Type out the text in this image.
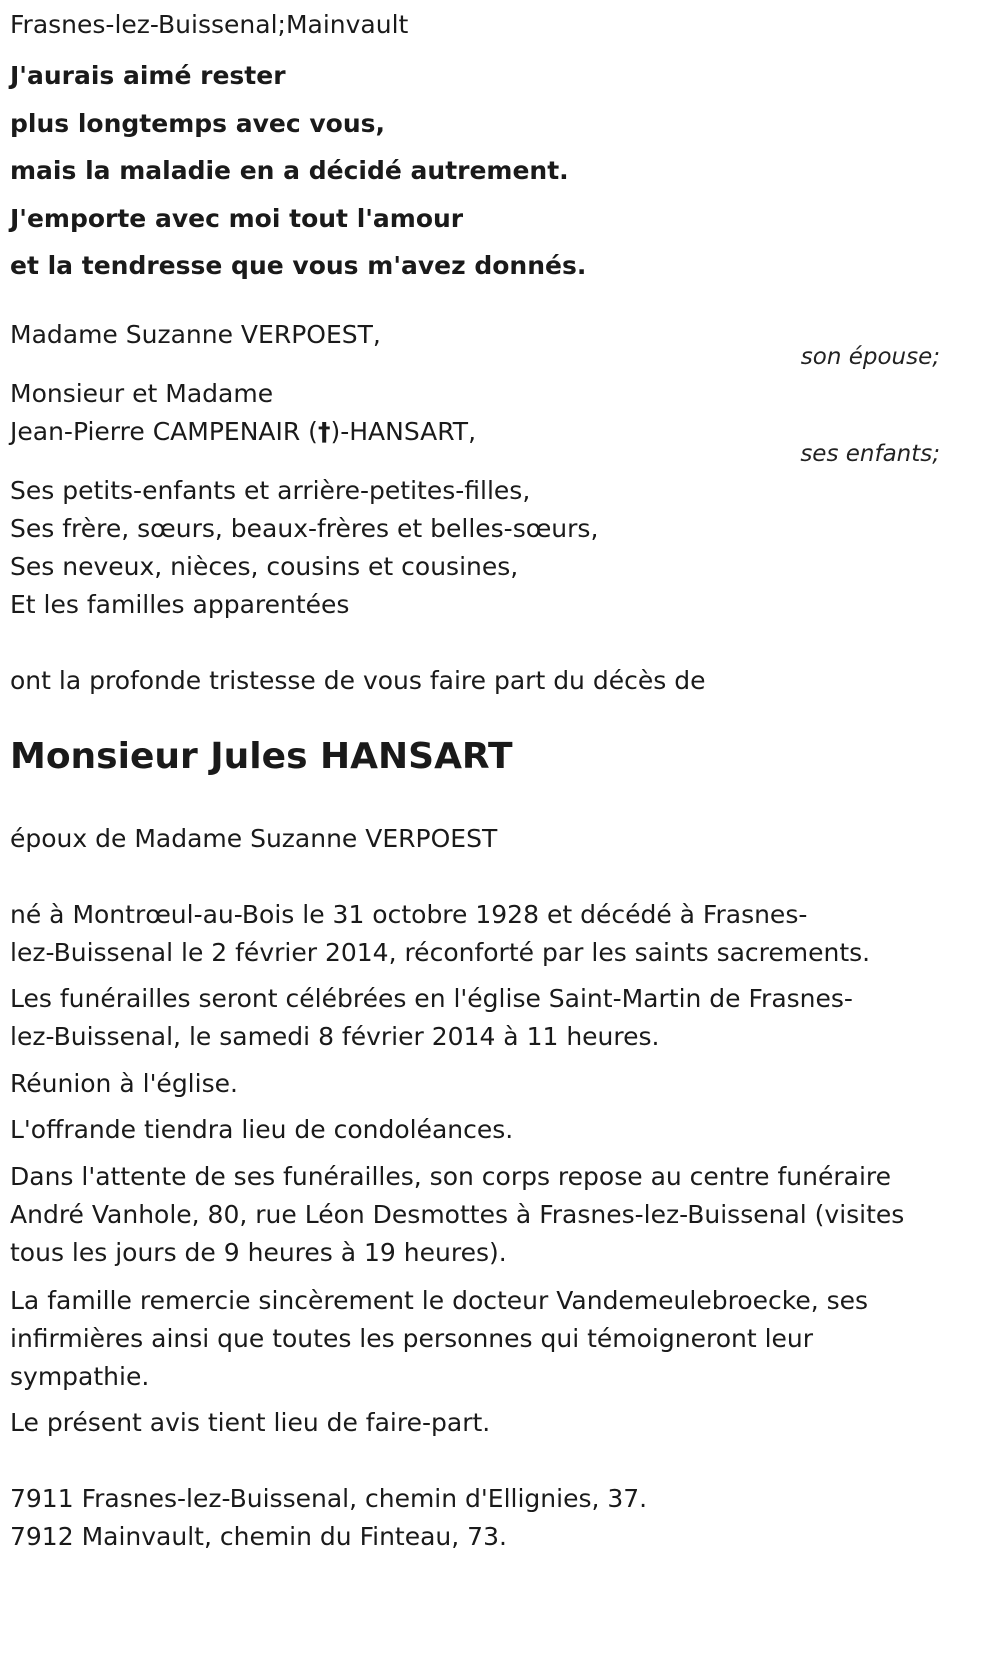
Frasnes-lez-Buissenal;Mainvault
J'aurais aimé rester
plus longtemps avec vous,
mais la maladie en a décidé autrement.
J'emporte avec moi tout l'amour
et la tendresse que vous m'avez donnés.
Madame Suzanne VERPOEST,
son épouse;
Monsieur et Madame
Jean-Pierre CAMPENAIR (†)-HANSART,
ses enfants;
Ses petits-enfants et arrière-petites-filles,
Ses frère, sœurs, beaux-frères et belles-sœurs,
Ses neveux, nièces, cousins et cousines,
Et les familles apparentées
ont la profonde tristesse de vous faire part du décès de
Monsieur Jules HANSART
époux de Madame Suzanne VERPOEST
né à Montrœul-au-Bois le 31 octobre 1928 et décédé à Frasnes-
lez-Buissenal le 2 février 2014, réconforté par les saints sacrements.
Les funérailles seront célébrées en l'église Saint-Martin de Frasnes-
lez-Buissenal, le samedi 8 février 2014 à 11 heures.
Réunion à l'église.
L'offrande tiendra lieu de condoléances.
Dans l'attente de ses funérailles, son corps repose au centre funéraire
André Vanhole, 80, rue Léon Desmottes à Frasnes-lez-Buissenal (visites
tous les jours de 9 heures à 19 heures).
La famille remercie sincèrement le docteur Vandemeulebroecke, ses
infirmières ainsi que toutes les personnes qui témoigneront leur
sympathie.
Le présent avis tient lieu de faire-part.
7911 Frasnes-lez-Buissenal, chemin d'Ellignies, 37.
7912 Mainvault, chemin du Finteau, 73.
